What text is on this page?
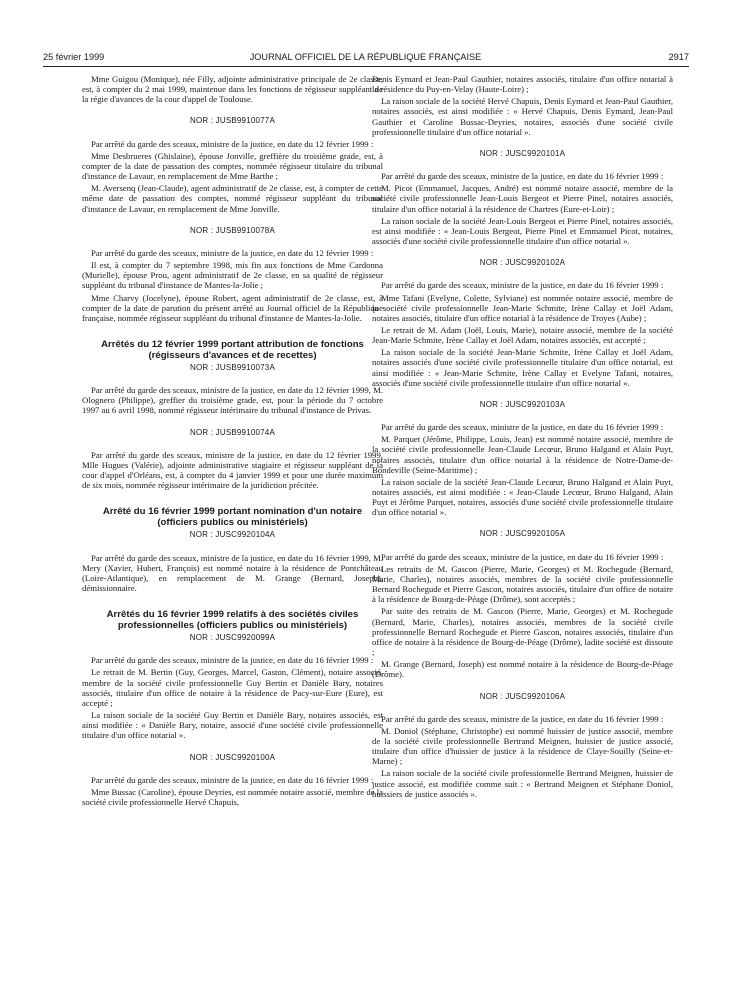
25 février 1999	JOURNAL OFFICIEL DE LA RÉPUBLIQUE FRANÇAISE	2917

Mme Guigou (Monique), née Filly, adjointe administrative principale de 2e classe, est, à compter du 2 mai 1999, maintenue dans les fonctions de régisseur suppléant de la régie d'avances de la cour d'appel de Toulouse.

NOR : JUSB9910077A

Par arrêté du garde des sceaux, ministre de la justice, en date du 12 février 1999 :

Mme Desbrueres (Ghislaine), épouse Jonville, greffière du troisième grade, est, à compter de la date de passation des comptes, nommée régisseur titulaire du tribunal d'instance de Lavaur, en remplacement de Mme Barthe ;

M. Aversenq (Jean-Claude), agent administratif de 2e classe, est, à compter de cette même date de passation des comptes, nommé régisseur suppléant du tribunal d'instance de Lavaur, en remplacement de Mme Jonville.

NOR : JUSB9910078A

Par arrêté du garde des sceaux, ministre de la justice, en date du 12 février 1999 :

Il est, à compter du 7 septembre 1998, mis fin aux fonctions de Mme Cardonna (Murielle), épouse Prou, agent administratif de 2e classe, en sa qualité de régisseur suppléant du tribunal d'instance de Mantes-la-Jolie ;

Mme Charvy (Jocelyne), épouse Robert, agent administratif de 2e classe, est, à compter de la date de parution du présent arrêté au Journal officiel de la République française, nommée régisseur suppléant du tribunal d'instance de Mantes-la-Jolie.

Arrêtés du 12 février 1999 portant attribution de fonctions (régisseurs d'avances et de recettes)
NOR : JUSB9910073A

Par arrêté du garde des sceaux, ministre de la justice, en date du 12 février 1999, M. Olognero (Philippe), greffier du troisième grade, est, pour la période du 7 octobre 1997 au 6 avril 1998, nommé régisseur intérimaire du tribunal d'instance de Privas.

NOR : JUSB9910074A

Par arrêté du garde des sceaux, ministre de la justice, en date du 12 février 1999, Mlle Hugues (Valérie), adjointe administrative stagiaire et régisseur suppléant de la cour d'appel d'Orléans, est, à compter du 4 janvier 1999 et pour une durée maximum de six mois, nommée régisseur intérimaire de la juridiction précitée.

Arrêté du 16 février 1999 portant nomination d'un notaire (officiers publics ou ministériels)
NOR : JUSC9920104A

Par arrêté du garde des sceaux, ministre de la justice, en date du 16 février 1999, M. Mery (Xavier, Hubert, François) est nommé notaire à la résidence de Pontchâteau (Loire-Atlantique), en remplacement de M. Grange (Bernard, Joseph), démissionnaire.

Arrêtés du 16 février 1999 relatifs à des sociétés civiles professionnelles (officiers publics ou ministériels)
NOR : JUSC9920099A

Par arrêté du garde des sceaux, ministre de la justice, en date du 16 février 1999 :

Le retrait de M. Bertin (Guy, Georges, Marcel, Gaston, Clément), notaire associé, membre de la société civile professionnelle Guy Bertin et Danièle Bary, notaires associés, titulaire d'un office de notaire à la résidence de Pacy-sur-Eure (Eure), est accepté ;

La raison sociale de la société Guy Bertin et Danièle Bary, notaires associés, est ainsi modifiée : « Danièle Bary, notaire, associé d'une société civile professionnelle titulaire d'un office notarial ».

NOR : JUSC9920100A

Par arrêté du garde des sceaux, ministre de la justice, en date du 16 février 1999 :

Mme Bussac (Caroline), épouse Deyries, est nommée notaire associé, membre de la société civile professionnelle Hervé Chapuis,

Denis Eymard et Jean-Paul Gauthier, notaires associés, titulaire d'un office notarial à la résidence du Puy-en-Velay (Haute-Loire) ;

La raison sociale de la société Hervé Chapuis, Denis Eymard et Jean-Paul Gauthier, notaires associés, est ainsi modifiée : « Hervé Chapuis, Denis Eymard, Jean-Paul Gauthier et Caroline Bussac-Deyries, notaires, associés d'une société civile professionnelle titulaire d'un office notarial ».

NOR : JUSC9920101A

Par arrêté du garde des sceaux, ministre de la justice, en date du 16 février 1999 :

M. Picot (Emmanuel, Jacques, André) est nommé notaire associé, membre de la société civile professionnelle Jean-Louis Bergeot et Pierre Pinel, notaires associés, titulaire d'un office notarial à la résidence de Chartres (Eure-et-Loir) ;

La raison sociale de la société Jean-Louis Bergeot et Pierre Pinel, notaires associés, est ainsi modifiée : « Jean-Louis Bergeot, Pierre Pinel et Emmanuel Picot, notaires, associés d'une société civile professionnelle titulaire d'un office notarial ».

NOR : JUSC9920102A

Par arrêté du garde des sceaux, ministre de la justice, en date du 16 février 1999 :

Mme Tafani (Evelyne, Colette, Sylviane) est nommée notaire associé, membre de la société civile professionnelle Jean-Marie Schmite, Irène Callay et Joël Adam, notaires associés, titulaire d'un office notarial à la résidence de Troyes (Aube) ;

Le retrait de M. Adam (Joël, Louis, Marie), notaire associé, membre de la société Jean-Marie Schmite, Irène Callay et Joël Adam, notaires associés, est accepté ;

La raison sociale de la société Jean-Marie Schmite, Irène Callay et Joël Adam, notaires associés d'une société civile professionnelle titulaire d'un office notarial, est ainsi modifiée : « Jean-Marie Schmite, Irène Callay et Evelyne Tafani, notaires, associés d'une société civile professionnelle titulaire d'un office notarial ».

NOR : JUSC9920103A

Par arrêté du garde des sceaux, ministre de la justice, en date du 16 février 1999 :

M. Parquet (Jérôme, Philippe, Louis, Jean) est nommé notaire associé, membre de la société civile professionnelle Jean-Claude Lecœur, Bruno Halgand et Alain Puyt, notaires associés, titulaire d'un office notarial à la résidence de Notre-Dame-de-Bondeville (Seine-Maritime) ;

La raison sociale de la société Jean-Claude Lecœur, Bruno Halgand et Alain Puyt, notaires associés, est ainsi modifiée : « Jean-Claude Lecœur, Bruno Halgand, Alain Puyt et Jérôme Parquet, notaires, associés d'une société civile professionnelle titulaire d'un office notarial ».

NOR : JUSC9920105A

Par arrêté du garde des sceaux, ministre de la justice, en date du 16 février 1999 :

Les retraits de M. Gascon (Pierre, Marie, Georges) et M. Rochegude (Bernard, Marie, Charles), notaires associés, membres de la société civile professionnelle Bernard Rochegude et Pierre Gascon, notaires associés, titulaire d'un office de notaire à la résidence de Bourg-de-Péage (Drôme), sont acceptés ;

Par suite des retraits de M. Gascon (Pierre, Marie, Georges) et M. Rochegude (Bernard, Marie, Charles), notaires associés, membres de la société civile professionnelle Bernard Rochegude et Pierre Gascon, notaires associés, titulaire d'un office de notaire à la résidence de Bourg-de-Péage (Drôme), ladite société est dissoute ;

M. Grange (Bernard, Joseph) est nommé notaire à la résidence de Bourg-de-Péage (Drôme).

NOR : JUSC9920106A

Par arrêté du garde des sceaux, ministre de la justice, en date du 16 février 1999 :

M. Doniol (Stéphane, Christophe) est nommé huissier de justice associé, membre de la société civile professionnelle Bertrand Meignen, huissier de justice associé, titulaire d'un office d'huissier de justice à la résidence de Claye-Souilly (Seine-et-Marne) ;

La raison sociale de la société civile professionnelle Bertrand Meignen, huissier de justice associé, est modifiée comme suit : « Bertrand Meignen et Stéphane Doniol, huissiers de justice associés ».
